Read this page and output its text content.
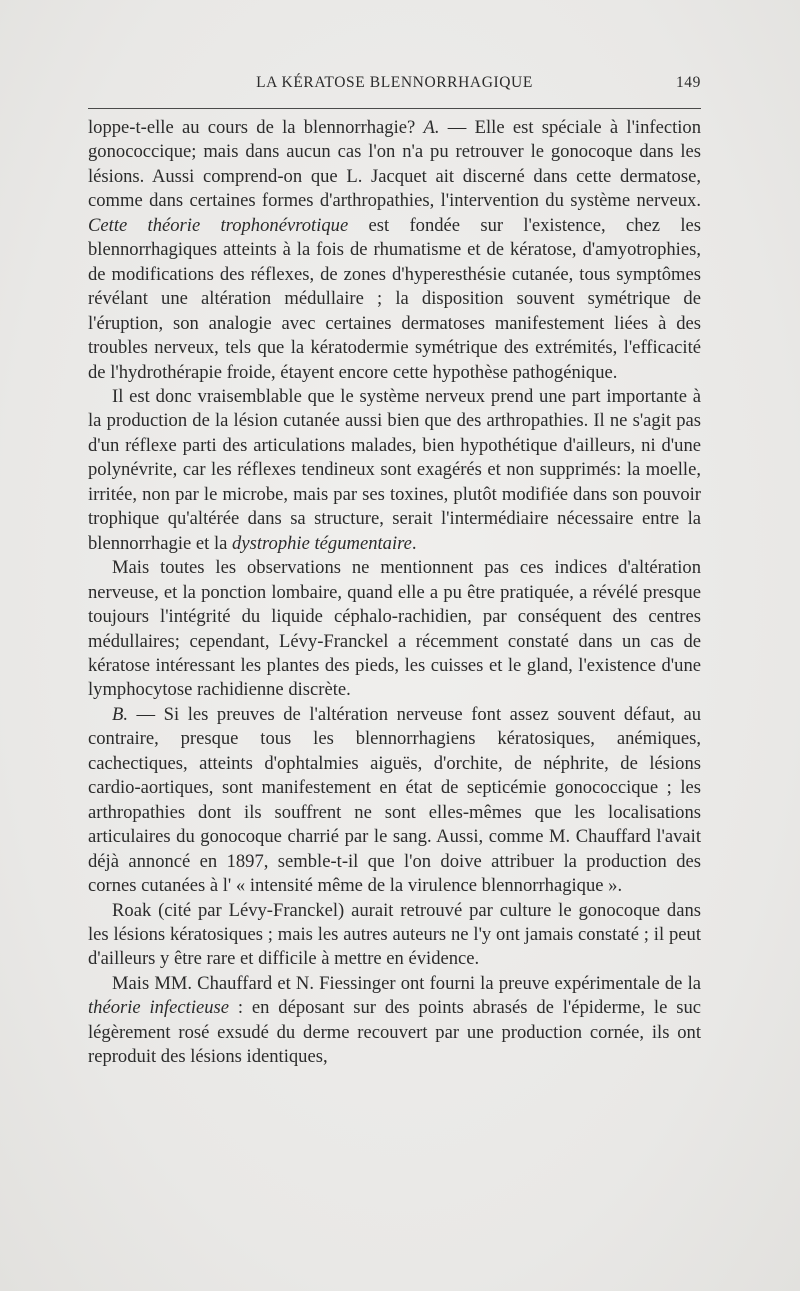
LA KÉRATOSE BLENNORRHAGIQUE	149

loppe-t-elle au cours de la blennorrhagie? A. — Elle est spéciale à l'infection gonococcique; mais dans aucun cas l'on n'a pu retrouver le gonocoque dans les lésions. Aussi comprend-on que L. Jacquet ait discerné dans cette dermatose, comme dans certaines formes d'arthropathies, l'intervention du système nerveux. Cette théorie trophonévrotique est fondée sur l'existence, chez les blennorrhagiques atteints à la fois de rhumatisme et de kératose, d'amyotrophies, de modifications des réflexes, de zones d'hyperesthésie cutanée, tous symptômes révélant une altération médullaire ; la disposition souvent symétrique de l'éruption, son analogie avec certaines dermatoses manifestement liées à des troubles nerveux, tels que la kératodermie symétrique des extrémités, l'efficacité de l'hydrothérapie froide, étayent encore cette hypothèse pathogénique.

Il est donc vraisemblable que le système nerveux prend une part importante à la production de la lésion cutanée aussi bien que des arthropathies. Il ne s'agit pas d'un réflexe parti des articulations malades, bien hypothétique d'ailleurs, ni d'une polynévrite, car les réflexes tendineux sont exagérés et non supprimés: la moelle, irritée, non par le microbe, mais par ses toxines, plutôt modifiée dans son pouvoir trophique qu'altérée dans sa structure, serait l'intermédiaire nécessaire entre la blennorrhagie et la dystrophie tégumentaire.

Mais toutes les observations ne mentionnent pas ces indices d'altération nerveuse, et la ponction lombaire, quand elle a pu être pratiquée, a révélé presque toujours l'intégrité du liquide céphalo-rachidien, par conséquent des centres médullaires; cependant, Lévy-Franckel a récemment constaté dans un cas de kératose intéressant les plantes des pieds, les cuisses et le gland, l'existence d'une lymphocytose rachidienne discrète.

B. — Si les preuves de l'altération nerveuse font assez souvent défaut, au contraire, presque tous les blennorrhagiens kératosiques, anémiques, cachectiques, atteints d'ophtalmies aiguës, d'orchite, de néphrite, de lésions cardio-aortiques, sont manifestement en état de septicémie gonococcique ; les arthropathies dont ils souffrent ne sont elles-mêmes que les localisations articulaires du gonocoque charrié par le sang. Aussi, comme M. Chauffard l'avait déjà annoncé en 1897, semble-t-il que l'on doive attribuer la production des cornes cutanées à l' « intensité même de la virulence blennorrhagique ».

Roak (cité par Lévy-Franckel) aurait retrouvé par culture le gonocoque dans les lésions kératosiques ; mais les autres auteurs ne l'y ont jamais constaté ; il peut d'ailleurs y être rare et difficile à mettre en évidence.

Mais MM. Chauffard et N. Fiessinger ont fourni la preuve expérimentale de la théorie infectieuse : en déposant sur des points abrasés de l'épiderme, le suc légèrement rosé exsudé du derme recouvert par une production cornée, ils ont reproduit des lésions identiques,
